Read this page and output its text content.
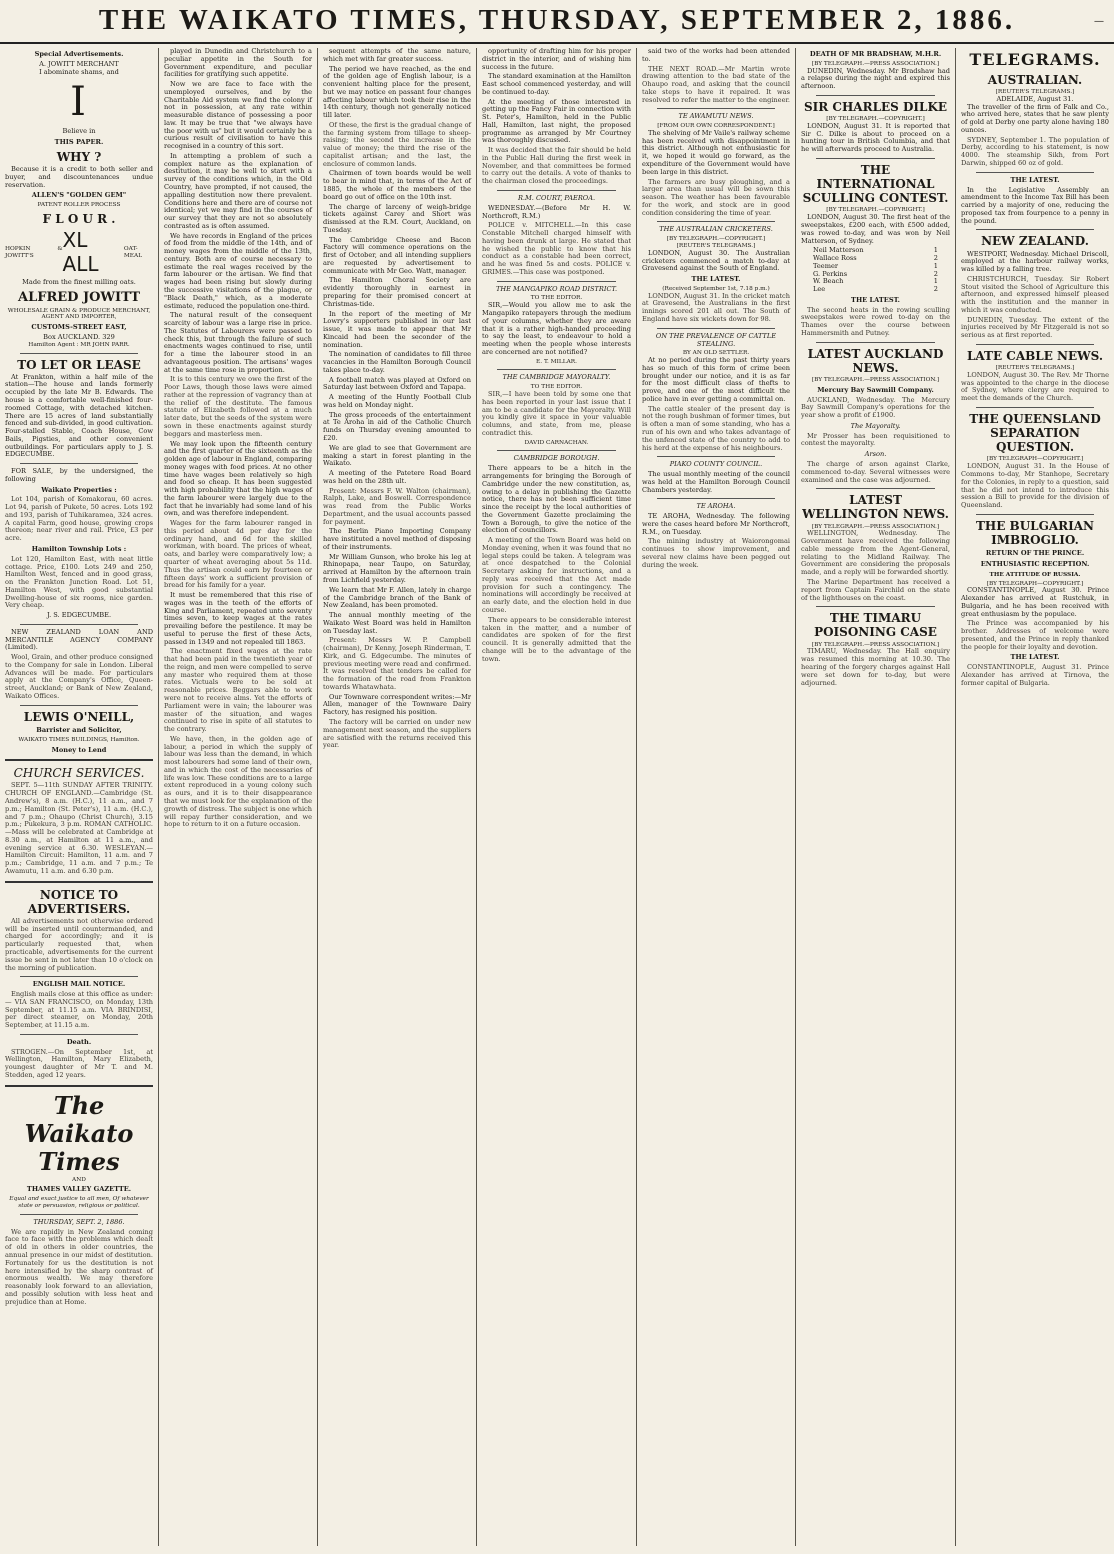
THE WAIKATO TIMES, THURSDAY, SEPTEMBER 2, 1886.	—
Special Advertisements.
A. JOWITT MERCHANT
I abominate shams, and
I
Believe in
THIS PAPER.
WHY ?

Because it is a credit to both seller and buyer, and discountenances undue reservation.

ALLEN'S "GOLDEN GEM"
PATENT ROLLER PROCESS
F L O U R .
HOPKIN & JOWITT'S
XL ALL
OAT-MEAL
Made from the finest milling oats.
ALFRED JOWITT
WHOLESALE GRAIN & PRODUCE MERCHANT,
AGENT AND IMPORTER,
CUSTOMS-STREET EAST,
Box AUCKLAND. 329
Hamilton Agent : MR JOHN PARR.
TO LET OR LEASE

At Frankton, within a half mile of the station—The house and lands formerly occupied by the late Mr B. Edwards. The house is a comfortable well-finished four-roomed Cottage, with detached kitchen. There are 15 acres of land substantially fenced and sub-divided, in good cultivation. Four-stalled Stable, Coach House, Cow Bails, Pigsties, and other convenient outbuildings. For particulars apply to J. S. EDGECUMBE.

FOR SALE, by the undersigned, the following

Waikato Properties :

Lot 104, parish of Komakorau, 60 acres. Lot 94, parish of Pukete, 50 acres. Lots 192 and 193, parish of Tuhikaramea, 324 acres. A capital Farm, good house, growing crops thereon; near river and rail. Price, £3 per acre.

Hamilton Township Lots :

Lot 120, Hamilton East, with neat little cottage. Price, £100. Lots 249 and 250, Hamilton West, fenced and in good grass, on the Frankton Junction Road. Lot 51, Hamilton West, with good substantial Dwelling-house of six rooms, nice garden. Very cheap.

J. S. EDGECUMBE.

NEW ZEALAND LOAN AND MERCANTILE AGENCY COMPANY (Limited).

Wool, Grain, and other produce consigned to the Company for sale in London. Liberal Advances will be made. For particulars apply at the Company's Office, Queen-street, Auckland; or Bank of New Zealand, Waikato Offices.

LEWIS O'NEILL,
Barrister and Solicitor,
WAIKATO TIMES BUILDINGS, Hamilton.
Money to Lend
CHURCH SERVICES.

SEPT. 5—11th SUNDAY AFTER TRINITY. CHURCH OF ENGLAND.—Cambridge (St. Andrew's), 8 a.m. (H.C.), 11 a.m., and 7 p.m.; Hamilton (St. Peter's), 11 a.m. (H.C.), and 7 p.m.; Ohaupo (Christ Church), 3.15 p.m.; Pukekura, 3 p.m. ROMAN CATHOLIC.—Mass will be celebrated at Cambridge at 8.30 a.m., at Hamilton at 11 a.m., and evening service at 6.30. WESLEYAN.—Hamilton Circuit: Hamilton, 11 a.m. and 7 p.m.; Cambridge, 11 a.m. and 7 p.m.; Te Awamutu, 11 a.m. and 6.30 p.m.

NOTICE TO ADVERTISERS.

All advertisements not otherwise ordered will be inserted until countermanded, and charged for accordingly; and it is particularly requested that, when practicable, advertisements for the current issue be sent in not later than 10 o'clock on the morning of publication.

ENGLISH MAIL NOTICE.

English mails close at this office as under:— VIA SAN FRANCISCO, on Monday, 13th September, at 11.15 a.m. VIA BRINDISI, per direct steamer, on Monday, 20th September, at 11.15 a.m.

Death.

STROGEN.—On September 1st, at Wellington, Hamilton, Mary Elizabeth, youngest daughter of Mr T. and M. Stedden, aged 12 years.

The Waikato Times
AND
THAMES VALLEY GAZETTE.
Equal and exact justice to all men, Of whatever state or persuasion, religious or political.
THURSDAY, SEPT. 2, 1886.

We are rapidly in New Zealand coming face to face with the problems which dealt of old in others in older countries, the annual presence in our midst of destitution. Fortunately for us the destitution is not here intensified by the sharp contrast of enormous wealth. We may therefore reasonably look forward to an alleviation, and possibly solution with less heat and prejudice than at Home.

played in Dunedin and Christchurch to a peculiar appetite in the South for Government expenditure, and peculiar facilities for gratifying such appetite.

Now we are face to face with the unemployed ourselves, and by the Charitable Aid system we find the colony if not in possession, at any rate within measurable distance of possessing a poor law. It may be true that "we always have the poor with us" but it would certainly be a curious result of civilisation to have this recognised in a country of this sort.

In attempting a problem of such a complex nature as the explanation of destitution, it may be well to start with a survey of the conditions which, in the Old Country, have prompted, if not caused, the appalling destitution now there prevalent. Conditions here and there are of course not identical; yet we may find in the courses of our survey that they are not so absolutely contrasted as is often assumed.

We have records in England of the prices of food from the middle of the 14th, and of money wages from the middle of the 13th, century. Both are of course necessary to estimate the real wages received by the farm labourer or the artisan. We find that wages had been rising but slowly during the successive visitations of the plague, or "Black Death," which, as a moderate estimate, reduced the population one-third.

The natural result of the consequent scarcity of labour was a large rise in price. The Statutes of Labourers were passed to check this, but through the failure of such enactments wages continued to rise, until for a time the labourer stood in an advantageous position. The artisans' wages at the same time rose in proportion.

It is to this century we owe the first of the Poor Laws, though those laws were aimed rather at the repression of vagrancy than at the relief of the destitute. The famous statute of Elizabeth followed at a much later date, but the seeds of the system were sown in these enactments against sturdy beggars and masterless men.

We may look upon the fifteenth century and the first quarter of the sixteenth as the golden age of labour in England, comparing money wages with food prices. At no other time have wages been relatively so high and food so cheap. It has been suggested with high probability that the high wages of the farm labourer were largely due to the fact that he invariably had some land of his own, and was therefore independent.

Wages for the farm labourer ranged in this period about 4d per day for the ordinary hand, and 6d for the skilled workman, with board. The prices of wheat, oats, and barley were comparatively low; a quarter of wheat averaging about 5s 11d. Thus the artisan could earn by fourteen or fifteen days' work a sufficient provision of bread for his family for a year.

It must be remembered that this rise of wages was in the teeth of the efforts of King and Parliament, repeated unto seventy times seven, to keep wages at the rates prevailing before the pestilence. It may be useful to peruse the first of these Acts, passed in 1349 and not repealed till 1863.

The enactment fixed wages at the rate that had been paid in the twentieth year of the reign, and men were compelled to serve any master who required them at those rates. Victuals were to be sold at reasonable prices. Beggars able to work were not to receive alms. Yet the efforts of Parliament were in vain; the labourer was master of the situation, and wages continued to rise in spite of all statutes to the contrary.

We have, then, in the golden age of labour, a period in which the supply of labour was less than the demand, in which most labourers had some land of their own, and in which the cost of the necessaries of life was low. These conditions are to a large extent reproduced in a young colony such as ours, and it is to their disappearance that we must look for the explanation of the growth of distress. The subject is one which will repay further consideration, and we hope to return to it on a future occasion.

sequent attempts of the same nature, which met with far greater success.

The period we have reached, as the end of the golden age of English labour, is a convenient halting place for the present, but we may notice en passant four changes affecting labour which took their rise in the 14th century, though not generally noticed till later.

Of these, the first is the gradual change of the farming system from tillage to sheep-raising; the second the increase in the value of money; the third the rise of the capitalist artisan; and the last, the enclosure of common lands.

Chairmen of town boards would be well to bear in mind that, in terms of the Act of 1885, the whole of the members of the board go out of office on the 10th inst.

The charge of larceny of weigh-bridge tickets against Carey and Short was dismissed at the R.M. Court, Auckland, on Tuesday.

The Cambridge Cheese and Bacon Factory will commence operations on the first of October, and all intending suppliers are requested by advertisement to communicate with Mr Geo. Watt, manager.

The Hamilton Choral Society are evidently thoroughly in earnest in preparing for their promised concert at Christmas-tide.

In the report of the meeting of Mr Lowry's supporters published in our last issue, it was made to appear that Mr Kincaid had been the seconder of the nomination.

The nomination of candidates to fill three vacancies in the Hamilton Borough Council takes place to-day.

A football match was played at Oxford on Saturday last between Oxford and Tapapa.

A meeting of the Huntly Football Club was held on Monday night.

The gross proceeds of the entertainment at Te Aroha in aid of the Catholic Church funds on Thursday evening amounted to £20.

We are glad to see that Government are making a start in forest planting in the Waikato.

A meeting of the Patetere Road Board was held on the 28th ult.

Present: Messrs F. W. Walton (chairman), Ralph, Lake, and Boswell. Correspondence was read from the Public Works Department, and the usual accounts passed for payment.

The Berlin Piano Importing Company have instituted a novel method of disposing of their instruments.

Mr William Gunson, who broke his leg at Rhinopapa, near Taupo, on Saturday, arrived at Hamilton by the afternoon train from Lichfield yesterday.

We learn that Mr F. Allen, lately in charge of the Cambridge branch of the Bank of New Zealand, has been promoted.

The annual monthly meeting of the Waikato West Board was held in Hamilton on Tuesday last.

Present: Messrs W. P. Campbell (chairman), Dr Kenny, Joseph Rinderman, T. Kirk, and G. Edgecumbe. The minutes of previous meeting were read and confirmed. It was resolved that tenders be called for the formation of the road from Frankton towards Whatawhata.

Our Townware correspondent writes:—Mr Allen, manager of the Townware Dairy Factory, has resigned his position.

The factory will be carried on under new management next season, and the suppliers are satisfied with the returns received this year.

opportunity of drafting him for his proper district in the interior, and of wishing him success in the future.

The standard examination at the Hamilton East school commenced yesterday, and will be continued to-day.

At the meeting of those interested in getting up the Fancy Fair in connection with St. Peter's, Hamilton, held in the Public Hall, Hamilton, last night, the proposed programme as arranged by Mr Courtney was thoroughly discussed.

It was decided that the fair should be held in the Public Hall during the first week in November, and that committees be formed to carry out the details. A vote of thanks to the chairman closed the proceedings.

R.M. COURT, PAEROA.

WEDNESDAY.—(Before Mr H. W. Northcroft, R.M.)

POLICE v. MITCHELL.—In this case Constable Mitchell charged himself with having been drunk at large. He stated that he wished the public to know that his conduct as a constable had been correct, and he was fined 5s and costs. POLICE v. GRIMES.—This case was postponed.

THE MANGAPIKO ROAD DISTRICT.
TO THE EDITOR.

SIR,—Would you allow me to ask the Mangapiko ratepayers through the medium of your columns, whether they are aware that it is a rather high-handed proceeding to say the least, to endeavour to hold a meeting when the people whose interests are concerned are not notified?

E. T. MILLAR.
THE CAMBRIDGE MAYORALTY.
TO THE EDITOR.

SIR,—I have been told by some one that has been reported in your last issue that I am to be a candidate for the Mayoralty. Will you kindly give it space in your valuable columns, and state, from me, please contradict this.

DAVID CARNACHAN.
CAMBRIDGE BOROUGH.

There appears to be a hitch in the arrangements for bringing the Borough of Cambridge under the new constitution, as, owing to a delay in publishing the Gazette notice, there has not been sufficient time since the receipt by the local authorities of the Government Gazette proclaiming the Town a Borough, to give the notice of the election of councillors.

A meeting of the Town Board was held on Monday evening, when it was found that no legal steps could be taken. A telegram was at once despatched to the Colonial Secretary asking for instructions, and a reply was received that the Act made provision for such a contingency. The nominations will accordingly be received at an early date, and the election held in due course.

There appears to be considerable interest taken in the matter, and a number of candidates are spoken of for the first council. It is generally admitted that the change will be to the advantage of the town.

said two of the works had been attended to.

THE NEXT ROAD.—Mr Martin wrote drawing attention to the bad state of the Ohaupo road, and asking that the council take steps to have it repaired. It was resolved to refer the matter to the engineer.

TE AWAMUTU NEWS.
[FROM OUR OWN CORRESPONDENT.]

The shelving of Mr Vaile's railway scheme has been received with disappointment in this district. Although not enthusiastic for it, we hoped it would go forward, as the expenditure of the Government would have been large in this district.

The farmers are busy ploughing, and a larger area than usual will be sown this season. The weather has been favourable for the work, and stock are in good condition considering the time of year.

THE AUSTRALIAN CRICKETERS.
[BY TELEGRAPH.—COPYRIGHT.]
[REUTER'S TELEGRAMS.]

LONDON, August 30. The Australian cricketers commenced a match to-day at Gravesend against the South of England.

THE LATEST.
(Received September 1st, 7.18 p.m.)

LONDON, August 31. In the cricket match at Gravesend, the Australians in the first innings scored 201 all out. The South of England have six wickets down for 98.

ON THE PREVALENCE OF CATTLE STEALING.
BY AN OLD SETTLER.

At no period during the past thirty years has so much of this form of crime been brought under our notice, and it is as far for the most difficult class of thefts to prove, and one of the most difficult the police have in ever getting a committal on.

The cattle stealer of the present day is not the rough bushman of former times, but is often a man of some standing, who has a run of his own and who takes advantage of the unfenced state of the country to add to his herd at the expense of his neighbours.

PIAKO COUNTY COUNCIL.

The usual monthly meeting of the council was held at the Hamilton Borough Council Chambers yesterday.

TE AROHA.

TE AROHA, Wednesday. The following were the cases heard before Mr Northcroft, R.M., on Tuesday.

The mining industry at Waiorongomai continues to show improvement, and several new claims have been pegged out during the week.

DEATH OF MR BRADSHAW, M.H.R.
[BY TELEGRAPH.—PRESS ASSOCIATION.]

DUNEDIN, Wednesday. Mr Bradshaw had a relapse during the night and expired this afternoon.

SIR CHARLES DILKE
[BY TELEGRAPH.—COPYRIGHT.]

LONDON, August 31. It is reported that Sir C. Dilke is about to proceed on a hunting tour in British Columbia, and that he will afterwards proceed to Australia.

THE INTERNATIONAL SCULLING CONTEST.
[BY TELEGRAPH.—COPYRIGHT.]

LONDON, August 30. The first heat of the sweepstakes, £200 each, with £500 added, was rowed to-day, and was won by Neil Matterson, of Sydney.

Neil Matterson	1
Wallace Ross	2
Teemer	1
G. Perkins	2
W. Beach	1
Lee	2
THE LATEST.

The second heats in the rowing sculling sweepstakes were rowed to-day on the Thames over the course between Hammersmith and Putney.

LATEST AUCKLAND NEWS.
[BY TELEGRAPH.—PRESS ASSOCIATION.]
Mercury Bay Sawmill Company.

AUCKLAND, Wednesday. The Mercury Bay Sawmill Company's operations for the year show a profit of £1900.

The Mayoralty.

Mr Prosser has been requisitioned to contest the mayoralty.

Arson.

The charge of arson against Clarke, commenced to-day. Several witnesses were examined and the case was adjourned.

LATEST WELLINGTON NEWS.
[BY TELEGRAPH.—PRESS ASSOCIATION.]

WELLINGTON, Wednesday. The Government have received the following cable message from the Agent-General, relating to the Midland Railway. The Government are considering the proposals made, and a reply will be forwarded shortly.

The Marine Department has received a report from Captain Fairchild on the state of the lighthouses on the coast.

THE TIMARU POISONING CASE
[BY TELEGRAPH.—PRESS ASSOCIATION.]

TIMARU, Wednesday. The Hall enquiry was resumed this morning at 10.30. The hearing of the forgery charges against Hall were set down for to-day, but were adjourned.

TELEGRAMS.
AUSTRALIAN.
[REUTER'S TELEGRAMS.]
ADELAIDE, August 31.

The traveller of the firm of Falk and Co., who arrived here, states that he saw plenty of gold at Derby one party alone having 180 ounces.

SYDNEY, September 1. The population of Derby, according to his statement, is now 4000. The steamship Sikh, from Port Darwin, shipped 60 oz of gold.

THE LATEST.

In the Legislative Assembly an amendment to the Income Tax Bill has been carried by a majority of one, reducing the proposed tax from fourpence to a penny in the pound.

NEW ZEALAND.

WESTPORT, Wednesday. Michael Driscoll, employed at the harbour railway works, was killed by a falling tree.

CHRISTCHURCH, Tuesday. Sir Robert Stout visited the School of Agriculture this afternoon, and expressed himself pleased with the institution and the manner in which it was conducted.

DUNEDIN, Tuesday. The extent of the injuries received by Mr Fitzgerald is not so serious as at first reported.

LATE CABLE NEWS.
[REUTER'S TELEGRAMS.]

LONDON, August 30. The Rev. Mr Thorne was appointed to the charge in the diocese of Sydney, where clergy are required to meet the demands of the Church.

THE QUEENSLAND SEPARATION QUESTION.
[BY TELEGRAPH—COPYRIGHT.]

LONDON, August 31. In the House of Commons to-day, Mr Stanhope, Secretary for the Colonies, in reply to a question, said that he did not intend to introduce this session a Bill to provide for the division of Queensland.

THE BULGARIAN IMBROGLIO.
RETURN OF THE PRINCE.
ENTHUSIASTIC RECEPTION.
THE ATTITUDE OF RUSSIA.
[BY TELEGRAPH—COPYRIGHT.]

CONSTANTINOPLE, August 30. Prince Alexander has arrived at Rustchuk, in Bulgaria, and he has been received with great enthusiasm by the populace.

The Prince was accompanied by his brother. Addresses of welcome were presented, and the Prince in reply thanked the people for their loyalty and devotion.

THE LATEST.

CONSTANTINOPLE, August 31. Prince Alexander has arrived at Tirnova, the former capital of Bulgaria.
